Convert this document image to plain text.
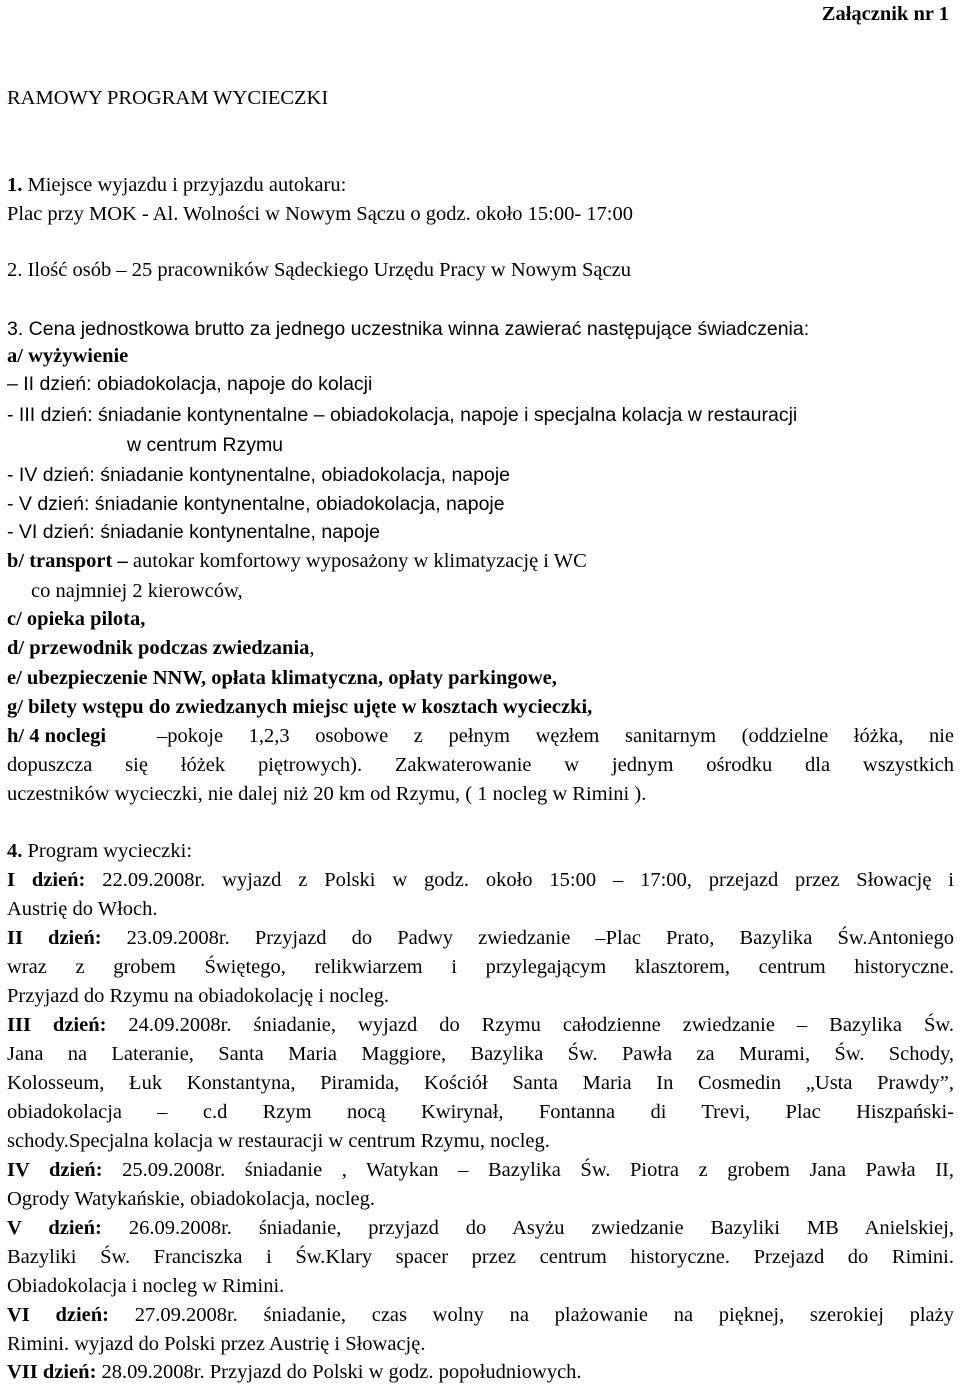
Załącznik nr 1
RAMOWY PROGRAM WYCIECZKI
1. Miejsce wyjazdu i przyjazdu autokaru:
Plac przy MOK - Al. Wolności w Nowym Sączu o godz. około 15:00- 17:00
2. Ilość osób – 25 pracowników Sądeckiego Urzędu Pracy w Nowym Sączu
3. Cena jednostkowa brutto za jednego uczestnika winna zawierać następujące świadczenia:
a/ wyżywienie
– II dzień: obiadokolacja, napoje do kolacji
- III dzień: śniadanie kontynentalne – obiadokolacja, napoje i specjalna kolacja w restauracji
w centrum Rzymu
- IV dzień: śniadanie kontynentalne, obiadokolacja, napoje
- V dzień: śniadanie kontynentalne, obiadokolacja, napoje
- VI dzień: śniadanie kontynentalne, napoje
b/ transport – autokar komfortowy wyposażony w klimatyzację i WC
co najmniej 2 kierowców,
c/ opieka pilota,
d/ przewodnik podczas zwiedzania,
e/ ubezpieczenie NNW, opłata klimatyczna, opłaty parkingowe,
g/ bilety wstępu do zwiedzanych miejsc ujęte w kosztach wycieczki,
h/ 4 noclegi –pokoje 1,2,3 osobowe z pełnym węzłem sanitarnym (oddzielne łóżka, nie
dopuszcza się łóżek piętrowych). Zakwaterowanie w jednym ośrodku dla wszystkich
uczestników wycieczki, nie dalej niż 20 km od Rzymu, ( 1 nocleg w Rimini ).
4. Program wycieczki:
I dzień: 22.09.2008r. wyjazd z Polski w godz. około 15:00 – 17:00, przejazd przez Słowację i
Austrię do Włoch.
II dzień: 23.09.2008r. Przyjazd do Padwy zwiedzanie –Plac Prato, Bazylika Św.Antoniego
wraz z grobem Świętego, relikwiarzem i przylegającym klasztorem, centrum historyczne.
Przyjazd do Rzymu na obiadokolację i nocleg.
III dzień: 24.09.2008r. śniadanie, wyjazd do Rzymu całodzienne zwiedzanie – Bazylika Św.
Jana na Lateranie, Santa Maria Maggiore, Bazylika Św. Pawła za Murami, Św. Schody,
Kolosseum, Łuk Konstantyna, Piramida, Kościół Santa Maria In Cosmedin „Usta Prawdy”,
obiadokolacja – c.d Rzym nocą Kwirynał, Fontanna di Trevi, Plac Hiszpański-
schody.Specjalna kolacja w restauracji w centrum Rzymu, nocleg.
IV dzień: 25.09.2008r. śniadanie , Watykan – Bazylika Św. Piotra z grobem Jana Pawła II,
Ogrody Watykańskie, obiadokolacja, nocleg.
V dzień: 26.09.2008r. śniadanie, przyjazd do Asyżu zwiedzanie Bazyliki MB Anielskiej,
Bazyliki Św. Franciszka i Św.Klary spacer przez centrum historyczne. Przejazd do Rimini.
Obiadokolacja i nocleg w Rimini.
VI dzień: 27.09.2008r. śniadanie, czas wolny na plażowanie na pięknej, szerokiej plaży
Rimini. wyjazd do Polski przez Austrię i Słowację.
VII dzień: 28.09.2008r. Przyjazd do Polski w godz. popołudniowych.
